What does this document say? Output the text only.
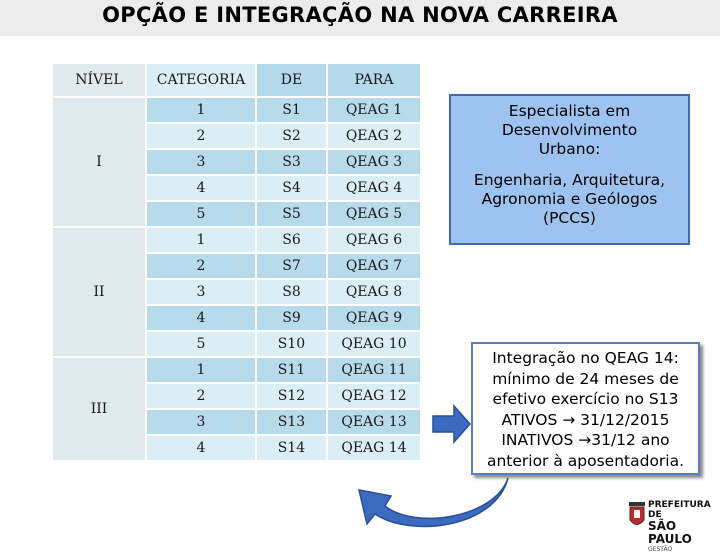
OPÇÃO E INTEGRAÇÃO NA NOVA CARREIRA
NÍVEL	CATEGORIA	DE	PARA
I	1	S1	QEAG 1
	2	S2	QEAG 2
	3	S3	QEAG 3
	4	S4	QEAG 4
	5	S5	QEAG 5
II	1	S6	QEAG 6
	2	S7	QEAG 7
	3	S8	QEAG 8
	4	S9	QEAG 9
	5	S10	QEAG 10
III	1	S11	QEAG 11
	2	S12	QEAG 12
	3	S13	QEAG 13
	4	S14	QEAG 14
Especialista em
Desenvolvimento
Urbano:
Engenharia, Arquitetura,
Agronomia e Geólogos
(PCCS)
Integração no QEAG 14:
mínimo de 24 meses de
efetivo exercício no S13
ATIVOS → 31/12/2015
INATIVOS →31/12 ano
anterior à aposentadoria.
PREFEITURA DE
SÃO PAULO
GESTÃO
